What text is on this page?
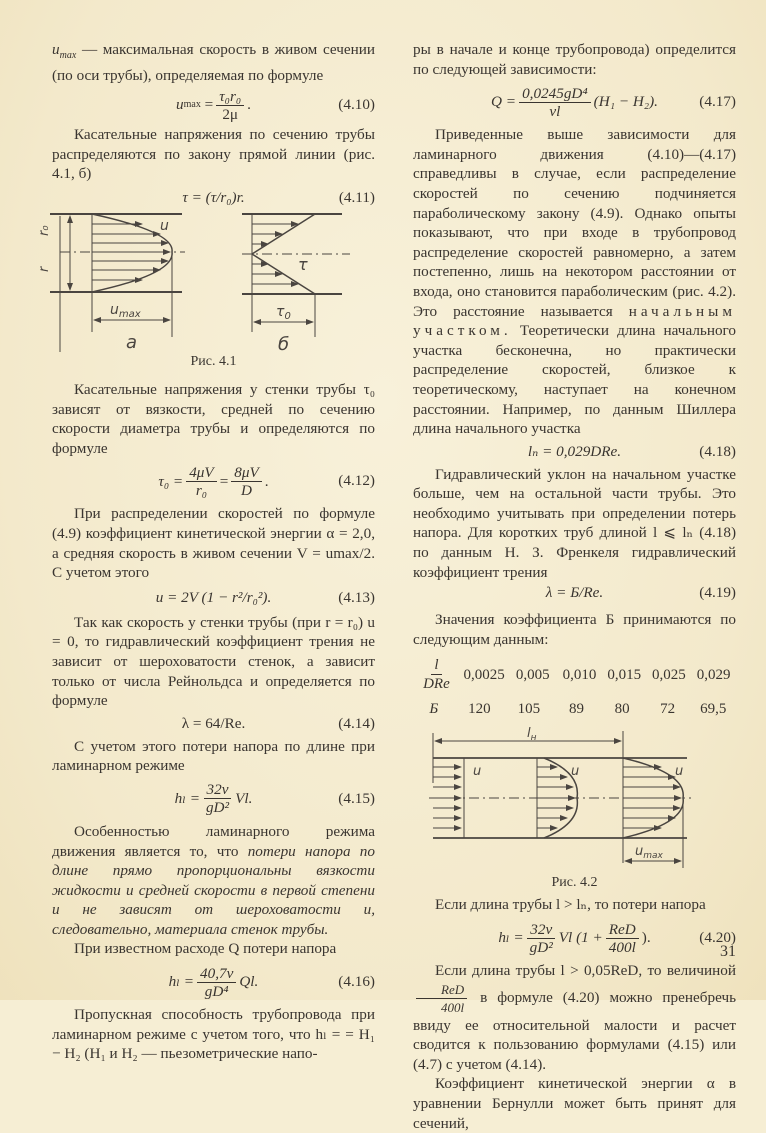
$u_{max}$ — максимальная скорость в живом сечении (по оси трубы), определяемая по формуле

u $\max = \frac{\text{τ₀r₀}}{2\mu}$ .	(4.10)

Касательные напряжения по сечению трубы распределяются по закону прямой линии (рис. 4.1, б)

τ = (τ/r₀)r.	(4.11)
r₀
r
u
$u_{max}$
а
τ
$\tau_0$
б
Рис. 4.1

Касательные напряжения у стенки трубы τ₀ зависят от вязкости, средней по сечению скорости диаметра трубы и определяются по формуле

$\tau_0 = \frac{4\mu V}{\text{r₀}} = \frac{8\mu V}{D}$ .	(4.12)

При распределении скоростей по формуле (4.9) коэффициент кинетической энергии α = 2,0, а средняя скорость в живом сечении V = umax/2. С учетом этого

u = 2V (1 − r²/r₀²).	(4.13)

Так как скорость у стенки трубы (при r = r₀) u = 0, то гидравлический коэффициент трения не зависит от шероховатости стенок, а зависит только от числа Рейнольдса и определяется по формуле

λ = 64/Re.	(4.14)

С учетом этого потери напора по длине при ламинарном режиме

$h_l = \frac{32\nu}{\text{gD²}} Vl$.	(4.15)

Особенностью ламинарного режима движения является то, что потери напора по длине прямо пропорциональны вязкости жидкости и средней скорости в первой степени и не зависят от шероховатости и, следовательно, материала стенок трубы.

При известном расходе Q потери напора

$h_l = \frac{40,7\nu}{\text{gD⁴}} Ql$.	(4.16)

Пропускная способность трубопровода при ламинарном режиме с учетом того, что hₗ = = H₁ − H₂ (H₁ и H₂ — пьезометрические напо-

ры в начале и конце трубопровода) определится по следующей зависимости:

$Q = \frac{\text{0,0245gD⁴}}{\nu l} (H_1 - H_2)$.	(4.17)

Приведенные выше зависимости для ламинарного движения (4.10)—(4.17) справедливы в случае, если распределение скоростей по сечению подчиняется параболическому закону (4.9). Однако опыты показывают, что при входе в трубопровод распределение скоростей равномерно, а затем постепенно, лишь на некотором расстоянии от входа, оно становится параболическим (рис. 4.2). Это расстояние называется начальным участком. Теоретически длина начального участка бесконечна, но практически распределение скоростей, близкое к теоретическому, наступает на конечном расстоянии. Например, по данным Шиллера длина начального участка

lₙ = 0,029DRe.	(4.18)

Гидравлический уклон на начальном участке больше, чем на остальной части трубы. Это необходимо учитывать при определении потерь напора. Для коротких труб длиной l ⩽ lₙ (4.18) по данным Н. З. Френкеля гидравлический коэффициент трения

λ = Б/Re.	(4.19)

Значения коэффициента Б принимаются по следующим данным:

$\frac{l}{\text{DRe}} 0,0025$ 0,005 0,010 0,015 0,025 0,029
Б	120	105	89	80	72	69,5
$l_н$
u	u	u
$u_{max}$
Рис. 4.2

Если длина трубы l > lₙ, то потери напора

$h_l = \frac{32\nu}{\text{gD²}}$ Vl ($1 + \frac{\text{ReD}}{400l}$ ).	(4.20)

Если длина трубы l > 0,05ReD, то величиной
$\frac{\text{ReD}}{400l}$ в формуле (4.20) можно пренебречь ввиду ее относительной малости и расчет сводится к пользованию формулами (4.15) или (4.7) с учетом (4.14).

Коэффициент кинетической энергии α в уравнении Бернулли может быть принят для сечений,

31
